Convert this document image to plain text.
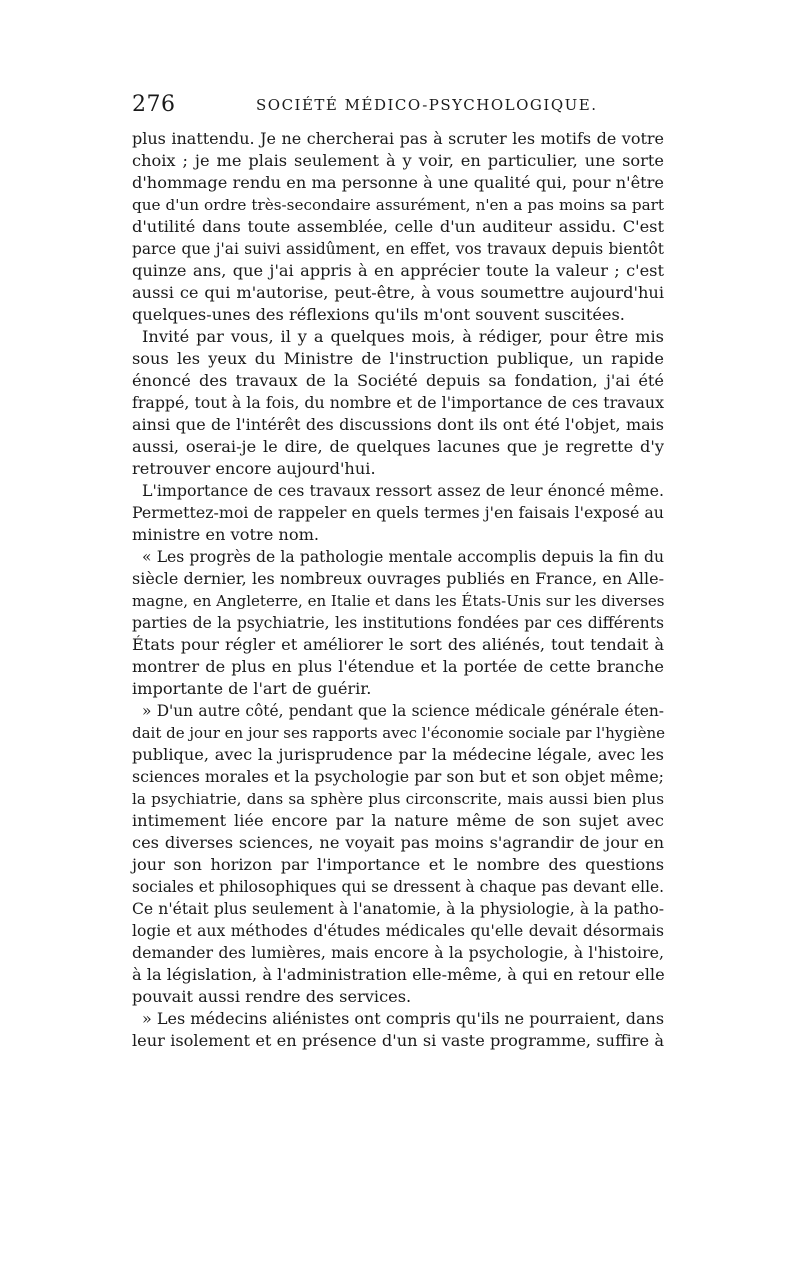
276	SOCIÉTÉ MÉDICO-PSYCHOLOGIQUE.
plus inattendu. Je ne chercherai pas à scruter les motifs de votre
choix ; je me plais seulement à y voir, en particulier, une sorte
d'hommage rendu en ma personne à une qualité qui, pour n'être
que d'un ordre très-secondaire assurément, n'en a pas moins sa part
d'utilité dans toute assemblée, celle d'un auditeur assidu. C'est
parce que j'ai suivi assidûment, en effet, vos travaux depuis bientôt
quinze ans, que j'ai appris à en apprécier toute la valeur ; c'est
aussi ce qui m'autorise, peut-être, à vous soumettre aujourd'hui
quelques-unes des réflexions qu'ils m'ont souvent suscitées.
Invité par vous, il y a quelques mois, à rédiger, pour être mis
sous les yeux du Ministre de l'instruction publique, un rapide
énoncé des travaux de la Société depuis sa fondation, j'ai été
frappé, tout à la fois, du nombre et de l'importance de ces travaux
ainsi que de l'intérêt des discussions dont ils ont été l'objet, mais
aussi, oserai-je le dire, de quelques lacunes que je regrette d'y
retrouver encore aujourd'hui.
L'importance de ces travaux ressort assez de leur énoncé même.
Permettez-moi de rappeler en quels termes j'en faisais l'exposé au
ministre en votre nom.
« Les progrès de la pathologie mentale accomplis depuis la fin du
siècle dernier, les nombreux ouvrages publiés en France, en Alle-
magne, en Angleterre, en Italie et dans les États-Unis sur les diverses
parties de la psychiatrie, les institutions fondées par ces différents
États pour régler et améliorer le sort des aliénés, tout tendait à
montrer de plus en plus l'étendue et la portée de cette branche
importante de l'art de guérir.
» D'un autre côté, pendant que la science médicale générale éten-
dait de jour en jour ses rapports avec l'économie sociale par l'hygiène
publique, avec la jurisprudence par la médecine légale, avec les
sciences morales et la psychologie par son but et son objet même;
la psychiatrie, dans sa sphère plus circonscrite, mais aussi bien plus
intimement liée encore par la nature même de son sujet avec
ces diverses sciences, ne voyait pas moins s'agrandir de jour en
jour son horizon par l'importance et le nombre des questions
sociales et philosophiques qui se dressent à chaque pas devant elle.
Ce n'était plus seulement à l'anatomie, à la physiologie, à la patho-
logie et aux méthodes d'études médicales qu'elle devait désormais
demander des lumières, mais encore à la psychologie, à l'histoire,
à la législation, à l'administration elle-même, à qui en retour elle
pouvait aussi rendre des services.
» Les médecins aliénistes ont compris qu'ils ne pourraient, dans
leur isolement et en présence d'un si vaste programme, suffire à
